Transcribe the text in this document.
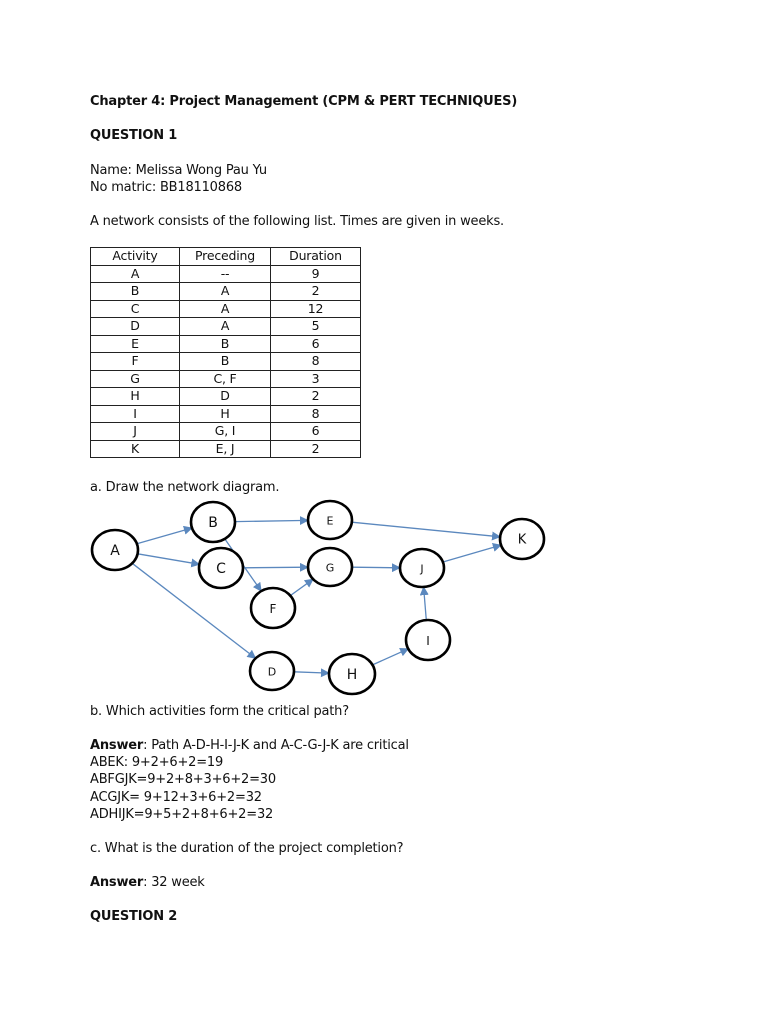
Chapter 4: Project Management (CPM & PERT TECHNIQUES)
QUESTION 1
Name: Melissa Wong Pau Yu
No matric: BB18110868
A network consists of the following list. Times are given in weeks.
Activity	Preceding	Duration
A	--	9
B	A	2
C	A	12
D	A	5
E	B	6
F	B	8
G	C, F	3
H	D	2
I	H	8
J	G, I	6
K	E, J	2
a. Draw the network diagram.
A
B
C
D
E
F
G
H
I
J
K
b. Which activities form the critical path?
Answer: Path A-D-H-I-J-K and A-C-G-J-K are critical
ABEK: 9+2+6+2=19
ABFGJK=9+2+8+3+6+2=30
ACGJK= 9+12+3+6+2=32
ADHIJK=9+5+2+8+6+2=32
c. What is the duration of the project completion?
Answer: 32 week
QUESTION 2
